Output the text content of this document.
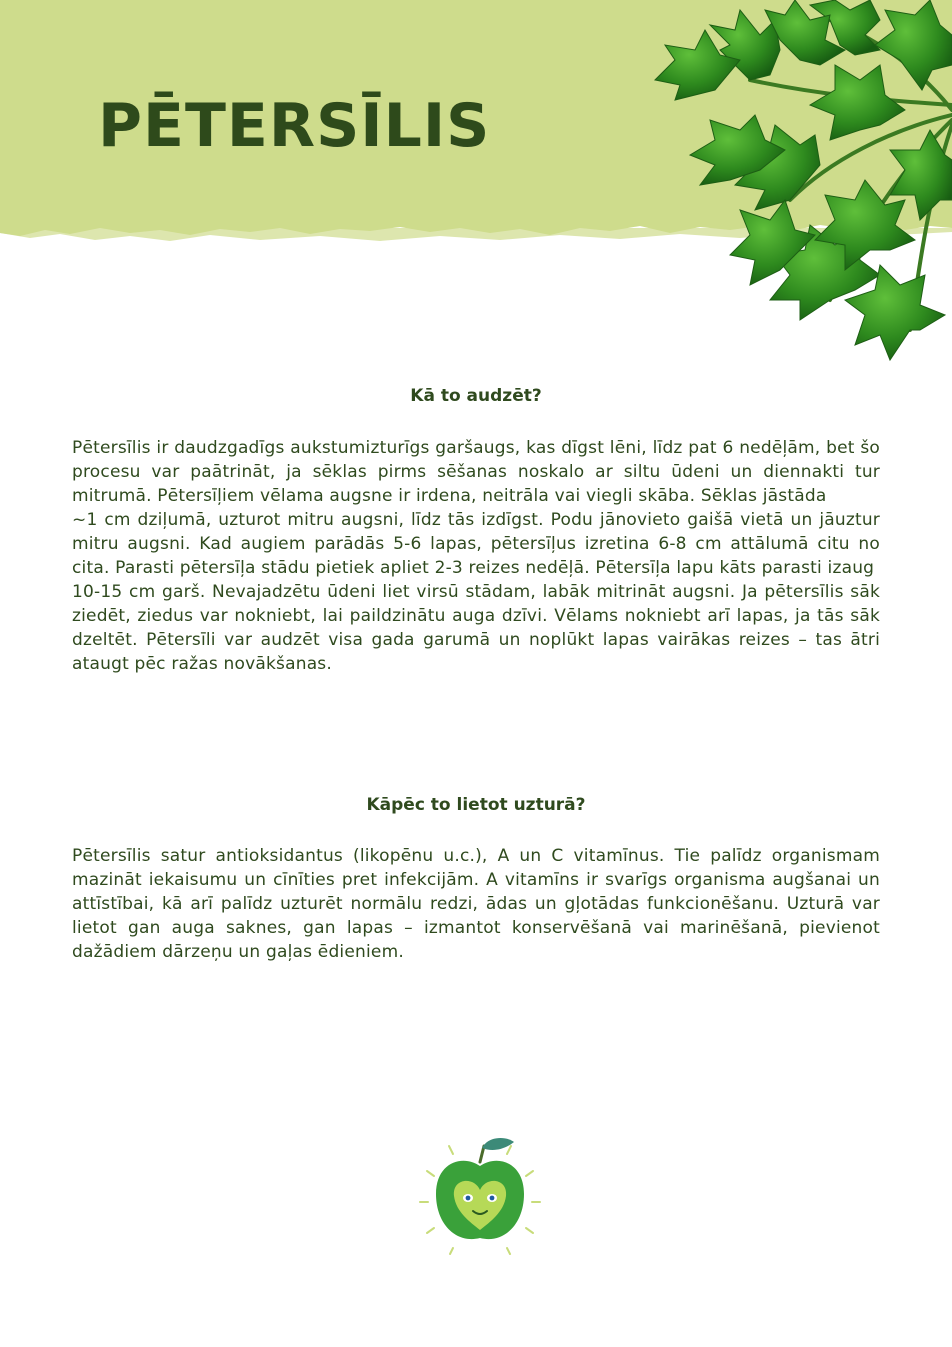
PĒTERSĪLIS
Kā to audzēt?
Pētersīlis ir daudzgadīgs aukstumizturīgs garšaugs, kas dīgst lēni, līdz pat 6 nedēļām, bet šo procesu var paātrināt, ja sēklas pirms sēšanas noskalo ar siltu ūdeni un diennakti tur mitrumā. Pētersīļiem vēlama augsne ir irdena, neitrāla vai viegli skāba. Sēklas jāstāda
~1 cm dziļumā, uzturot mitru augsni, līdz tās izdīgst. Podu jānovieto gaišā vietā un jāuztur mitru augsni. Kad augiem parādās 5-6 lapas, pētersīļus izretina 6-8 cm attālumā citu no cita. Parasti pētersīļa stādu pietiek apliet 2-3 reizes nedēļā. Pētersīļa lapu kāts parasti izaug
10-15 cm garš. Nevajadzētu ūdeni liet virsū stādam, labāk mitrināt augsni. Ja pētersīlis sāk ziedēt, ziedus var nokniebt, lai paildzinātu auga dzīvi. Vēlams nokniebt arī lapas, ja tās sāk dzeltēt. Pētersīli var audzēt visa gada garumā un noplūkt lapas vairākas reizes – tas ātri ataugt pēc ražas novākšanas.
Kāpēc to lietot uzturā?
Pētersīlis satur antioksidantus (likopēnu u.c.), A un C vitamīnus. Tie palīdz organismam mazināt iekaisumu un cīnīties pret infekcijām. A vitamīns ir svarīgs organisma augšanai un attīstībai, kā arī palīdz uzturēt normālu redzi, ādas un gļotādas funkcionēšanu. Uzturā var lietot gan auga saknes, gan lapas – izmantot konservēšanā vai marinēšanā, pievienot dažādiem dārzeņu un gaļas ēdieniem.
